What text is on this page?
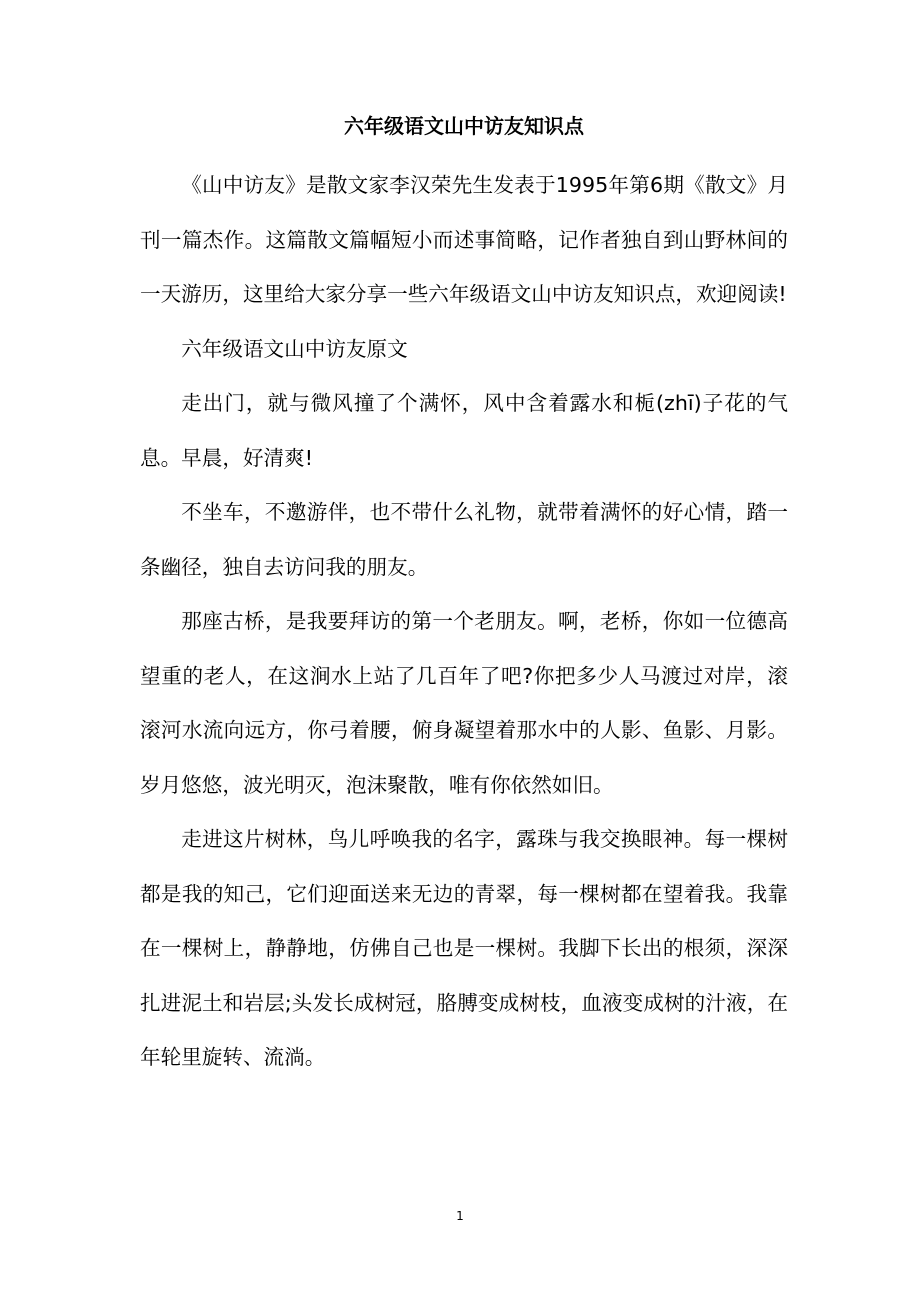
六年级语文山中访友知识点

《山中访友》是散文家李汉荣先生发表于1995年第6期《散文》月刊一篇杰作。这篇散文篇幅短小而述事简略，记作者独自到山野林间的一天游历，这里给大家分享一些六年级语文山中访友知识点，欢迎阅读!

六年级语文山中访友原文

走出门，就与微风撞了个满怀，风中含着露水和栀(zhī)子花的气息。早晨，好清爽!

不坐车，不邀游伴，也不带什么礼物，就带着满怀的好心情，踏一条幽径，独自去访问我的朋友。

那座古桥，是我要拜访的第一个老朋友。啊，老桥，你如一位德高望重的老人，在这涧水上站了几百年了吧?你把多少人马渡过对岸，滚滚河水流向远方，你弓着腰，俯身凝望着那水中的人影、鱼影、月影。岁月悠悠，波光明灭，泡沫聚散，唯有你依然如旧。

走进这片树林，鸟儿呼唤我的名字，露珠与我交换眼神。每一棵树都是我的知己，它们迎面送来无边的青翠，每一棵树都在望着我。我靠在一棵树上，静静地，仿佛自己也是一棵树。我脚下长出的根须，深深扎进泥土和岩层;头发长成树冠，胳膊变成树枝，血液变成树的汁液，在年轮里旋转、流淌。

1
